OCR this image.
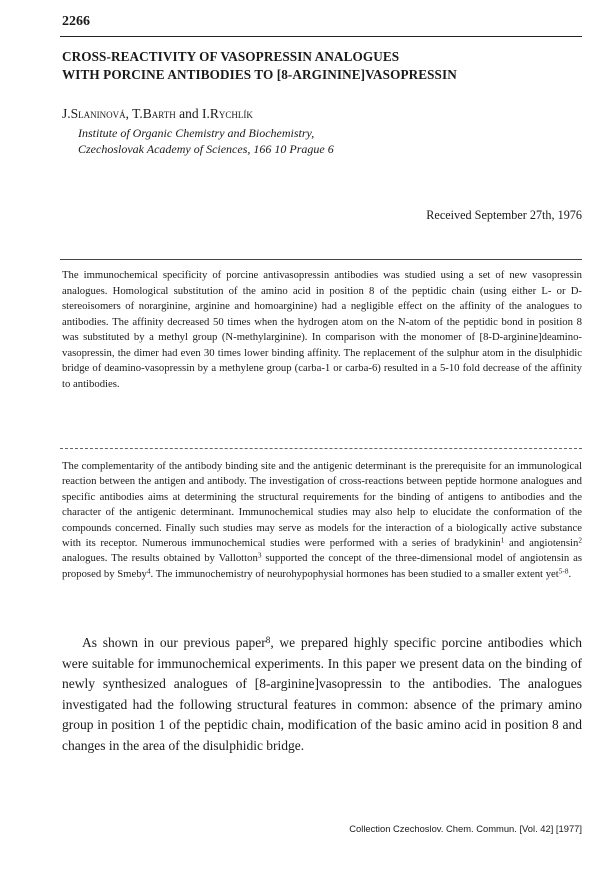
2266
CROSS-REACTIVITY OF VASOPRESSIN ANALOGUES
WITH PORCINE ANTIBODIES TO [8-ARGININE]VASOPRESSIN
J.Slaninová, T.Barth and I.Rychlík
Institute of Organic Chemistry and Biochemistry,
Czechoslovak Academy of Sciences, 166 10 Prague 6
Received September 27th, 1976
The immunochemical specificity of porcine antivasopressin antibodies was studied using a set of new vasopressin analogues. Homological substitution of the amino acid in position 8 of the peptidic chain (using either L- or D-stereoisomers of norarginine, arginine and homoarginine) had a negligible effect on the affinity of the analogues to antibodies. The affinity decreased 50 times when the hydrogen atom on the N-atom of the peptidic bond in position 8 was substituted by a methyl group (N-methylarginine). In comparison with the monomer of [8-D-arginine]deamino-vasopressin, the dimer had even 30 times lower binding affinity. The replacement of the sulphur atom in the disulphidic bridge of deamino-vasopressin by a methylene group (carba-1 or carba-6) resulted in a 5-10 fold decrease of the affinity to antibodies.
The complementarity of the antibody binding site and the antigenic determinant is the prerequisite for an immunological reaction between the antigen and antibody. The investigation of cross-reactions between peptide hormone analogues and specific antibodies aims at determining the structural requirements for the binding of antigens to antibodies and the character of the antigenic determinant. Immunochemical studies may also help to elucidate the conformation of the compounds concerned. Finally such studies may serve as models for the interaction of a biologically active substance with its receptor. Numerous immunochemical studies were performed with a series of bradykinin$^1$ and angiotensin$^2$ analogues. The results obtained by Vallotton$^3$ supported the concept of the three-dimensional model of angiotensin as proposed by Smeby$^4$. The immunochemistry of neurohypophysial hormones has been studied to a smaller extent yet$^{5-8}$.
As shown in our previous paper$^8$, we prepared highly specific porcine antibodies which were suitable for immunochemical experiments. In this paper we present data on the binding of newly synthesized analogues of [8-arginine]vasopressin to the antibodies. The analogues investigated had the following structural features in common: absence of the primary amino group in position 1 of the peptidic chain, modification of the basic amino acid in position 8 and changes in the area of the disulphidic bridge.
Collection Czechoslov. Chem. Commun. [Vol. 42] [1977]
